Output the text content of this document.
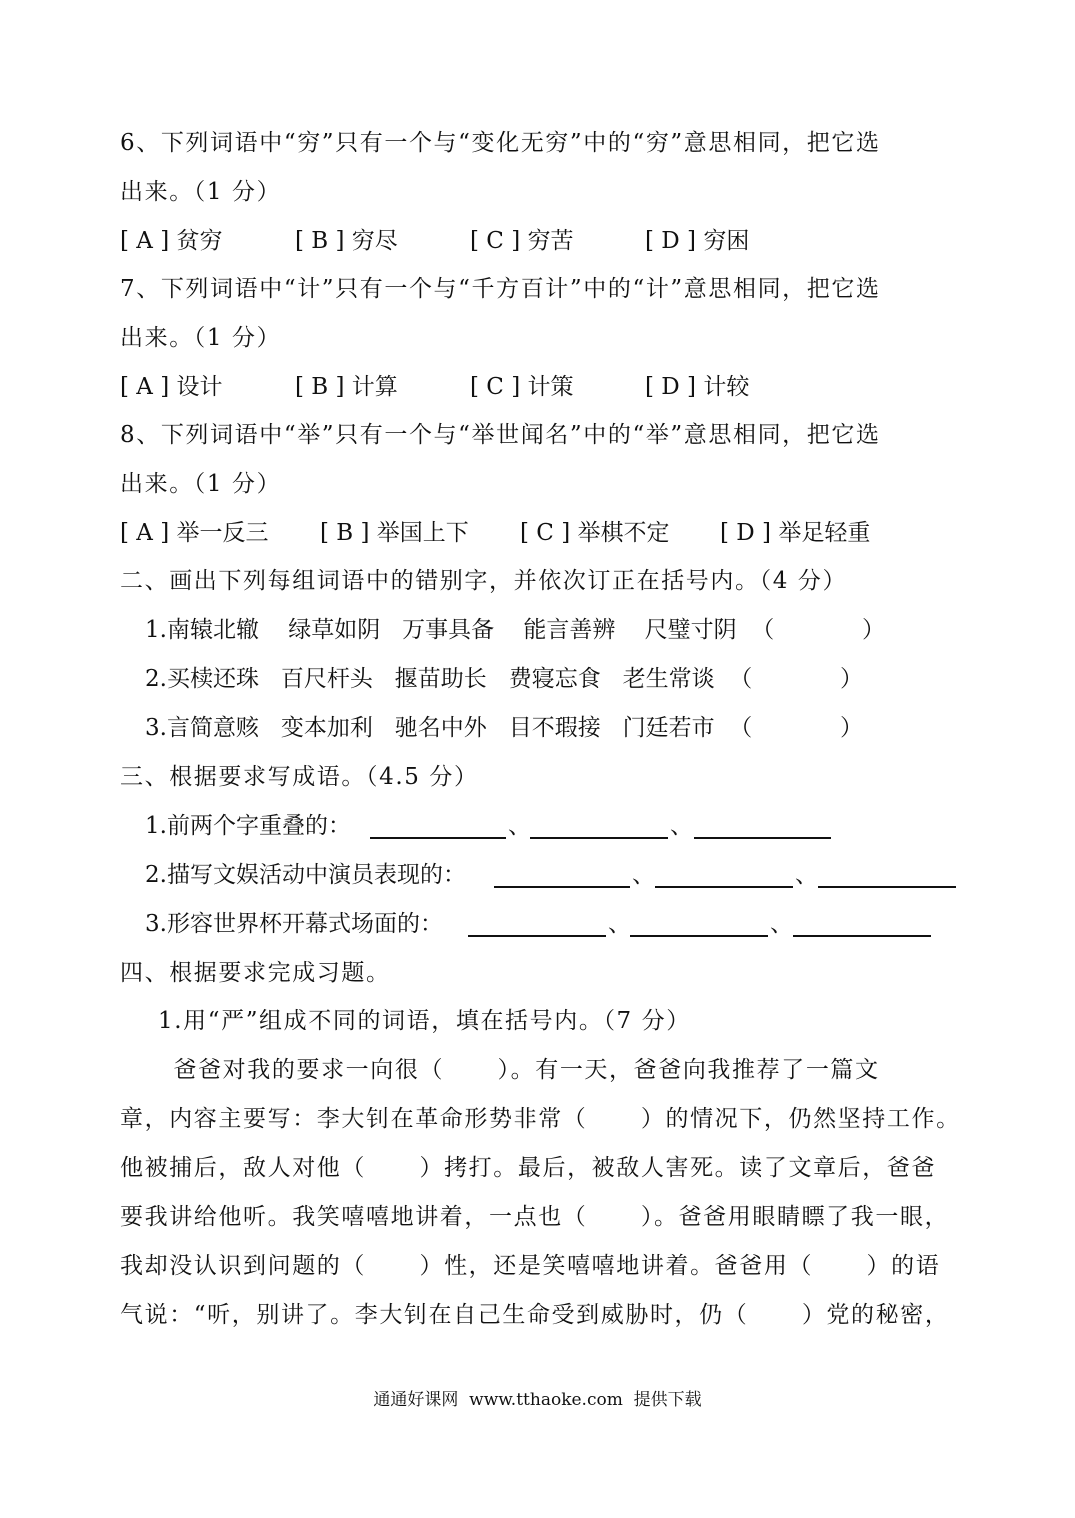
6、下列词语中“穷”只有一个与“变化无穷”中的“穷”意思相同，把它选
出来。（1 分）
[ A ] 贫穷	[ B ] 穷尽	[ C ] 穷苦	[ D ] 穷困
7、下列词语中“计”只有一个与“千方百计”中的“计”意思相同，把它选
出来。（1 分）
[ A ] 设计	[ B ] 计算	[ C ] 计策	[ D ] 计较
8、下列词语中“举”只有一个与“举世闻名”中的“举”意思相同，把它选
出来。（1 分）
[ A ] 举一反三 [ B ] 举国上下 [ C ] 举棋不定 [ D ] 举足轻重
二、画出下列每组词语中的错别字，并依次订正在括号内。（4 分）
1.南辕北辙    绿草如阴   万事具备    能言善辨    尺璧寸阴  （            ）
2.买椟还珠   百尺杆头   揠苗助长   费寝忘食   老生常谈  （            ）
3.言简意赅   变本加利   驰名中外   目不瑕接   门廷若市  （            ）
三、根据要求写成语。（4.5 分）
1.前两个字重叠的：	、	、
2.描写文娱活动中演员表现的：	、	、
3.形容世界杯开幕式场面的：	、	、
四、根据要求完成习题。
1.用“严”组成不同的词语，填在括号内。（7 分）
爸爸对我的要求一向很（      ）。有一天，爸爸向我推荐了一篇文
章，内容主要写：李大钊在革命形势非常（      ）的情况下，仍然坚持工作。
他被捕后，敌人对他（      ）拷打。最后，被敌人害死。读了文章后，爸爸
要我讲给他听。我笑嘻嘻地讲着，一点也（      ）。爸爸用眼睛瞟了我一眼，
我却没认识到问题的（      ）性，还是笑嘻嘻地讲着。爸爸用（      ）的语
气说：“听，别讲了。李大钊在自己生命受到威胁时，仍（      ）党的秘密，
通通好课网  www.tthaoke.com  提供下载
